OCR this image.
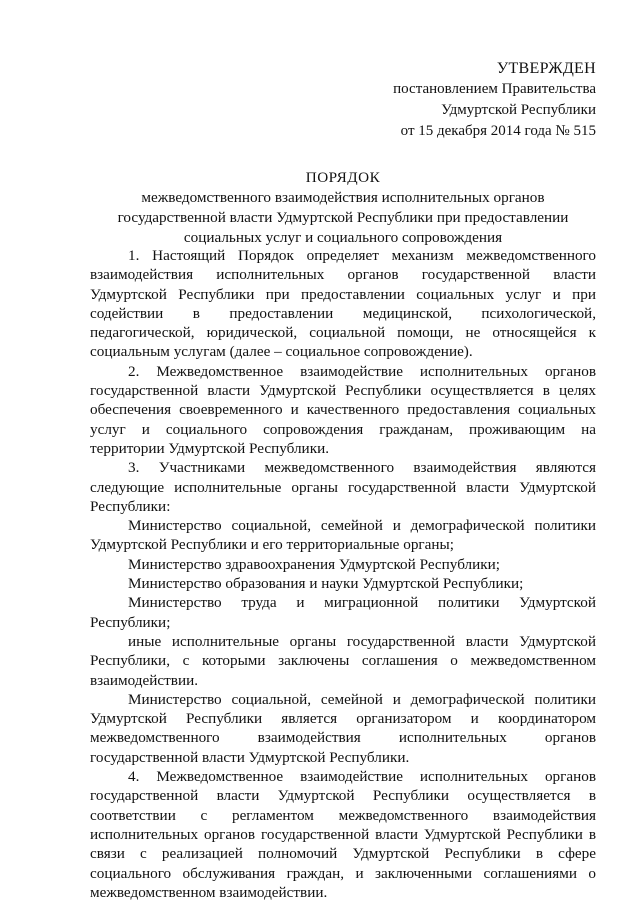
УТВЕРЖДЕН
постановлением Правительства
Удмуртской Республики
от 15 декабря 2014 года № 515
ПОРЯДОК
межведомственного взаимодействия исполнительных органов
государственной власти Удмуртской Республики при предоставлении
социальных услуг и социального сопровождения

1. Настоящий Порядок определяет механизм межведомственного взаимодействия исполнительных органов государственной власти Удмуртской Республики при предоставлении социальных услуг и при содействии в предоставлении медицинской, психологической, педагогической, юридической, социальной помощи, не относящейся к социальным услугам (далее – социальное сопровождение).

2. Межведомственное взаимодействие исполнительных органов государственной власти Удмуртской Республики осуществляется в целях обеспечения своевременного и качественного предоставления социальных услуг и социального сопровождения гражданам, проживающим на территории Удмуртской Республики.

3. Участниками межведомственного взаимодействия являются следующие исполнительные органы государственной власти Удмуртской Республики:

Министерство социальной, семейной и демографической политики Удмуртской Республики и его территориальные органы;

Министерство здравоохранения Удмуртской Республики;

Министерство образования и науки Удмуртской Республики;

Министерство труда и миграционной политики Удмуртской Республики;

иные исполнительные органы государственной власти Удмуртской Республики, с которыми заключены соглашения о межведомственном взаимодействии.

Министерство социальной, семейной и демографической политики Удмуртской Республики является организатором и координатором межведомственного взаимодействия исполнительных органов государственной власти Удмуртской Республики.

4. Межведомственное взаимодействие исполнительных органов государственной власти Удмуртской Республики осуществляется в соответствии с регламентом межведомственного взаимодействия исполнительных органов государственной власти Удмуртской Республики в связи с реализацией полномочий Удмуртской Республики в сфере социального обслуживания граждан, и заключенными соглашениями о межведомственном взаимодействии.
